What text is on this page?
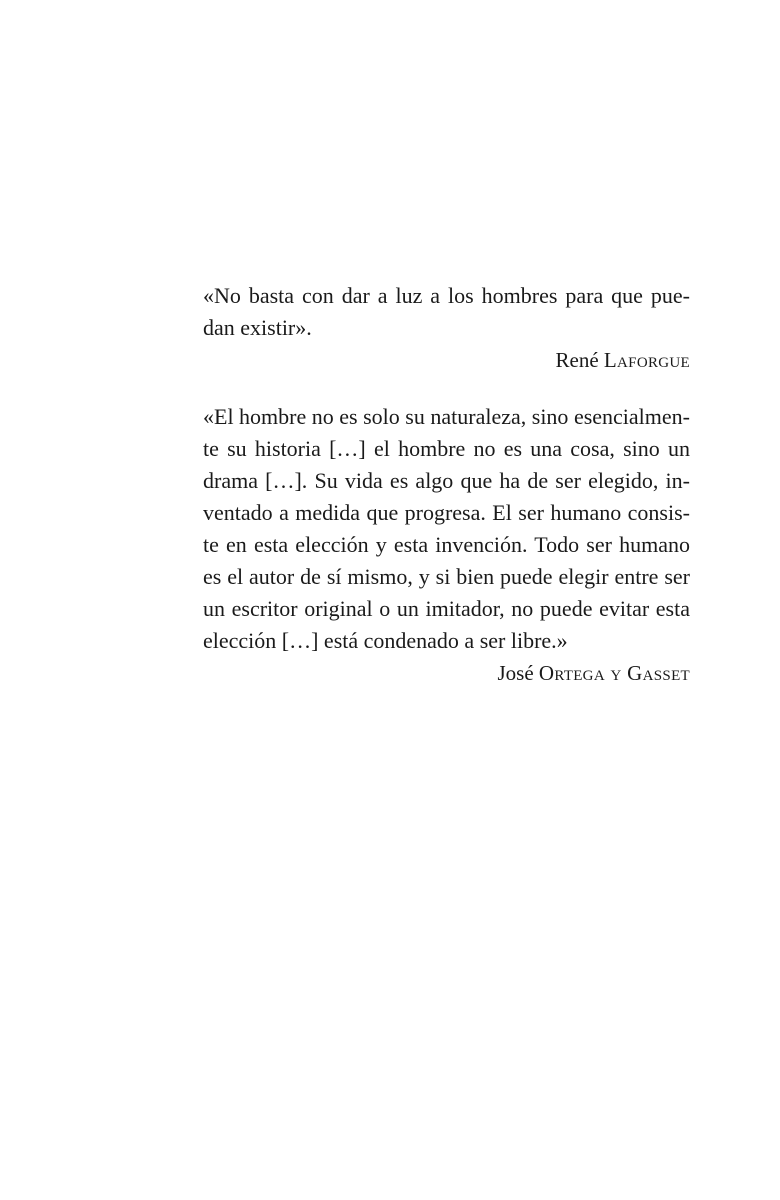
«No basta con dar a luz a los hombres para que pue-
dan existir».
René Laforgue
«El hombre no es solo su naturaleza, sino esencialmen-
te su historia […] el hombre no es una cosa, sino un
drama […]. Su vida es algo que ha de ser elegido, in-
ventado a medida que progresa. El ser humano consis-
te en esta elección y esta invención. Todo ser humano
es el autor de sí mismo, y si bien puede elegir entre ser
un escritor original o un imitador, no puede evitar esta
elección […] está condenado a ser libre.»
José Ortega y Gasset
